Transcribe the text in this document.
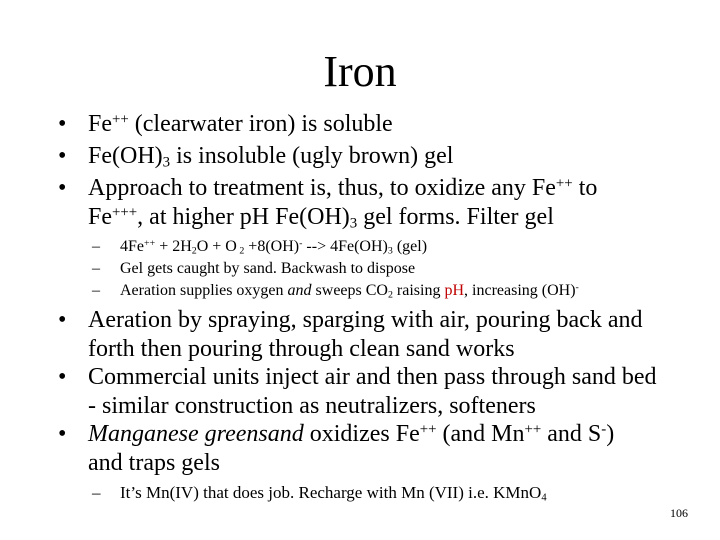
Iron
• Fe++ (clearwater iron) is soluble
• $Fe(OH)_3$ is insoluble (ugly brown) gel
• Approach to treatment is, thus, to oxidize any Fe++ to
Fe+++, at higher pH $Fe(OH)_3$ gel forms. Filter gel
– $4Fe^{++} + 2H_2O + O$ $_2$ +8(OH)- --> $4Fe(OH)_3$ (gel)
– Gel gets caught by sand. Backwash to dispose
– Aeration supplies oxygen and sweeps $CO_2$ raising pH, increasing (OH)-
• Aeration by spraying, sparging with air, pouring back and
forth then pouring through clean sand works
• Commercial units inject air and then pass through sand bed
- similar construction as neutralizers, softeners
• Manganese greensand oxidizes Fe++ (and Mn++ and S-)
and traps gels
– It’s Mn(IV) that does job. Recharge with Mn (VII) i.e. KMnO$_4$
106
